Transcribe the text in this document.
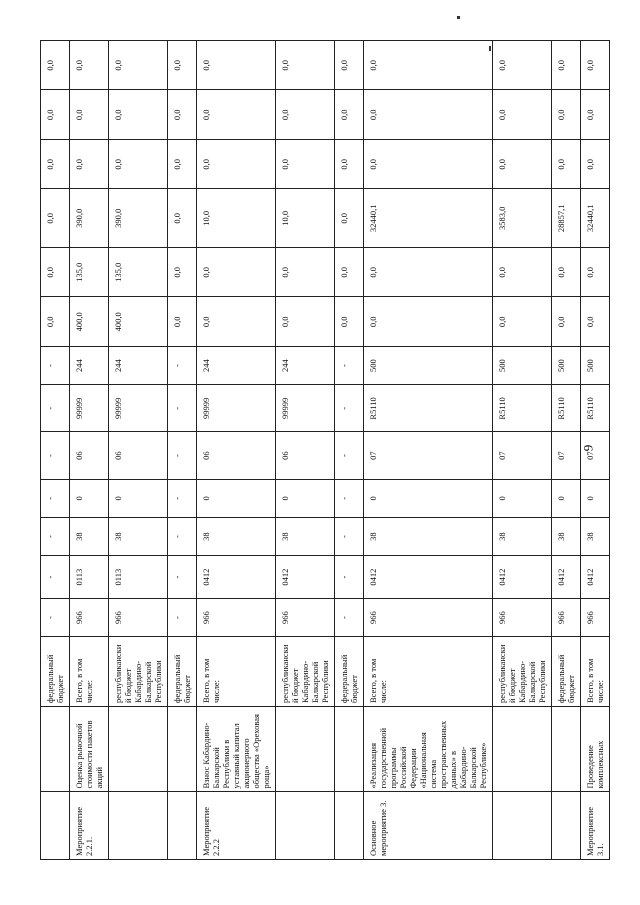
9
		федеральный бюджет	-	-	-	-	-	-	-	0,0	0,0	0,0	0,0	0,0	0,0
Мероприятие 2.2.1.	Оценка рыночной стоимости пакетов акций	Всего, в том числе:	966	0113	38	0	06	99999	244	400,0	135,0	390,0	0,0	0,0	0,0
		республиканский бюджет Кабардино-Балкарской Республики	966	0113	38	0	06	99999	244	400,0	135,0	390,0	0,0	0,0	0,0
		федеральный бюджет	-	-	-	-	-	-	-	0,0	0,0	0,0	0,0	0,0	0,0
Мероприятие 2.2.2	Взнос Кабардино-Балкарской Республики в уставный капитал акционерного общества «Ореховая роща»	Всего, в том числе:	966	0412	38	0	06	99999	244	0,0	0,0	10,0	0,0	0,0	0,0
		республиканский бюджет Кабардино-Балкарской Республики	966	0412	38	0	06	99999	244	0,0	0,0	10,0	0,0	0,0	0,0
		федеральный бюджет	-	-	-	-	-	-	-	0,0	0,0	0,0	0,0	0,0	0,0
Основное мероприятие 3.	«Реализация государственной программы Российской Федерации «Национальная система пространственных данных» в Кабардино-Балкарской Республике»	Всего, в том числе:	966	0412	38	0	07	R5110	500	0,0	0,0	32440,1	0,0	0,0	0,0
		республиканский бюджет Кабардино-Балкарской Республики	966	0412	38	0	07	R5110	500	0,0	0,0	3583,0	0,0	0,0	0,0
		федеральный бюджет	966	0412	38	0	07	R5110	500	0,0	0,0	28857,1	0,0	0,0	0,0
Мероприятие 3.1.	Проведение комплексных	Всего, в том числе:	966	0412	38	0	07	R5110	500	0,0	0,0	32440,1	0,0	0,0	0,0
